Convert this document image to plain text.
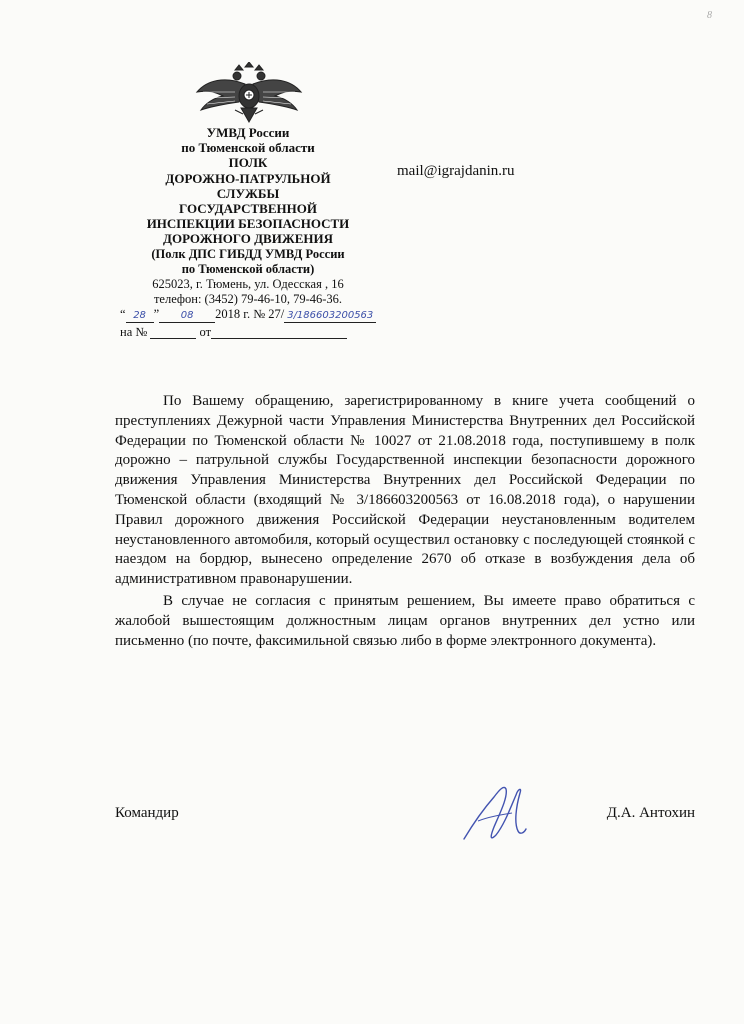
8
УМВД России
по Тюменской области
ПОЛК
ДОРОЖНО-ПАТРУЛЬНОЙ
СЛУЖБЫ
ГОСУДАРСТВЕННОЙ
ИНСПЕКЦИИ БЕЗОПАСНОСТИ
ДОРОЖНОГО ДВИЖЕНИЯ
(Полк ДПС ГИБДД УМВД России
по Тюменской области)
625023, г. Тюмень, ул. Одесская , 16
телефон: (3452) 79-46-10, 79-46-36.
“ 28 ” 08 2018 г. № 27/ 3/186603200563
на №	от
mail@igrajdanin.ru

По Вашему обращению, зарегистрированному в книге учета сообщений о преступлениях Дежурной части Управления Министерства Внутренних дел Российской Федерации по Тюменской области № 10027 от 21.08.2018 года, поступившему в полк дорожно – патрульной службы Государственной инспекции безопасности дорожного движения Управления Министерства Внутренних дел Российской Федерации по Тюменской области (входящий № 3/186603200563 от 16.08.2018 года), о нарушении Правил дорожного движения Российской Федерации неустановленным водителем неустановленного автомобиля, который осуществил остановку с последующей стоянкой с наездом на бордюр, вынесено определение 2670 об отказе в возбуждения дела об административном правонарушении.

В случае не согласия с принятым решением, Вы имеете право обратиться с жалобой вышестоящим должностным лицам органов внутренних дел устно или письменно (по почте, факсимильной связью либо в форме электронного документа).

Командир	Д.А. Антохин
